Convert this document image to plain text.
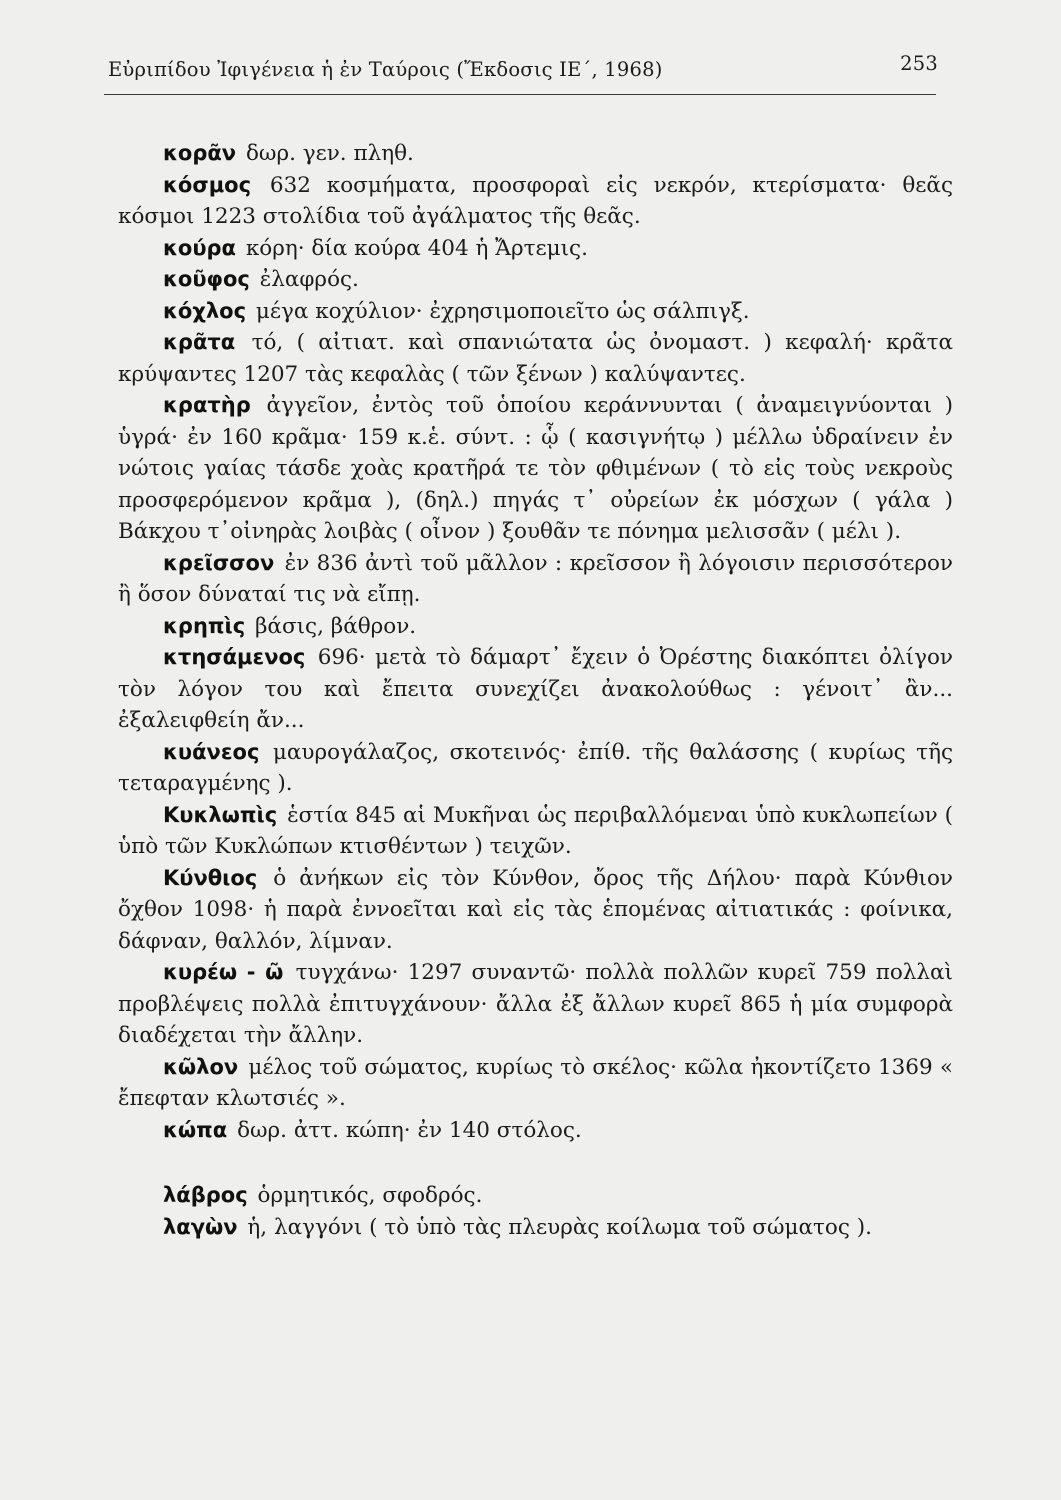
Εὐριπίδου Ἰφιγένεια ἡ ἐν Ταύροις (Ἔκδοσις ΙΕ΄, 1968)	253

κορᾶν δωρ. γεν. πληθ.

κόσμος 632 κοσμήματα, προσφοραὶ εἰς νεκρόν, κτερίσματα· θεᾶς κόσμοι 1223 στολίδια τοῦ ἀγάλματος τῆς θεᾶς.

κούρα κόρη· δία κούρα 404 ἡ Ἄρτεμις.

κοῦφος ἐλαφρός.

κόχλος μέγα κοχύλιον· ἐχρησιμοποιεῖτο ὡς σάλπιγξ.

κρᾶτα τό, ( αἰτιατ. καὶ σπανιώτατα ὡς ὀνομαστ. ) κεφαλή· κρᾶτα κρύψαντες 1207 τὰς κεφαλὰς ( τῶν ξένων ) καλύψαντες.

κρατὴρ ἀγγεῖον, ἐντὸς τοῦ ὁποίου κεράννυνται ( ἀναμειγνύονται ) ὑγρά· ἐν 160 κρᾶμα· 159 κ.ἑ. σύντ. : ᾧ ( κασιγνήτῳ ) μέλλω ὑδραίνειν ἐν νώτοις γαίας τάσδε χοὰς κρατῆρά τε τὸν φθιμένων ( τὸ εἰς τοὺς νεκροὺς προσφερόμενον κρᾶμα ), (δηλ.) πηγάς τ᾿ οὐρείων ἐκ μόσχων ( γάλα ) Βάκχου τ᾿οἰνηρὰς λοιβὰς ( οἶνον ) ξουθᾶν τε πόνημα μελισσᾶν ( μέλι ).

κρεῖσσον ἐν 836 ἀντὶ τοῦ μᾶλλον : κρεῖσσον ἢ λόγοισιν περισσότερον ἢ ὅσον δύναταί τις νὰ εἴπῃ.

κρηπὶς βάσις, βάθρον.

κτησάμενος 696· μετὰ τὸ δάμαρτ᾿ ἔχειν ὁ Ὀρέστης διακόπτει ὀλίγον τὸν λόγον του καὶ ἔπειτα συνεχίζει ἀνακολούθως : γένοιτ᾿ ἂν... ἐξαλειφθείη ἄν...

κυάνεος μαυρογάλαζος, σκοτεινός· ἐπίθ. τῆς θαλάσσης ( κυρίως τῆς τεταραγμένης ).

Κυκλωπὶς ἑστία 845 αἱ Μυκῆναι ὡς περιβαλλόμεναι ὑπὸ κυκλωπείων ( ὑπὸ τῶν Κυκλώπων κτισθέντων ) τειχῶν.

Κύνθιος ὁ ἀνήκων εἰς τὸν Κύνθον, ὄρος τῆς Δήλου· παρὰ Κύνθιον ὄχθον 1098· ἡ παρὰ ἐννοεῖται καὶ εἰς τὰς ἑπομένας αἰτιατικάς : φοίνικα, δάφναν, θαλλόν, λίμναν.

κυρέω - ῶ τυγχάνω· 1297 συναντῶ· πολλὰ πολλῶν κυρεῖ 759 πολλαὶ προβλέψεις πολλὰ ἐπιτυγχάνουν· ἄλλα ἐξ ἄλλων κυρεῖ 865 ἡ μία συμφορὰ διαδέχεται τὴν ἄλλην.

κῶλον μέλος τοῦ σώματος, κυρίως τὸ σκέλος· κῶλα ἠκοντίζετο 1369 « ἔπεφταν κλωτσιές ».

κώπα δωρ. ἀττ. κώπη· ἐν 140 στόλος.

λάβρος ὁρμητικός, σφοδρός.

λαγὼν ἡ, λαγγόνι ( τὸ ὑπὸ τὰς πλευρὰς κοίλωμα τοῦ σώματος ).
